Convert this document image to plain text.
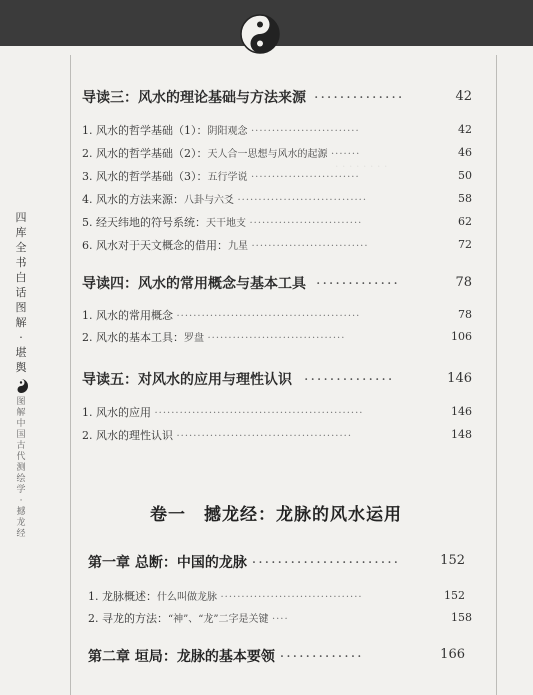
· · · · · · · ·
四
库
全
书
白
话
图
解
·
堪
舆
图
解
中
国
古
代
测
绘
学
·
撼
龙
经
导读三：风水的理论基础与方法来源 ··············	42
1. 风水的哲学基础（1）：阴阳观念 ··························	42
2. 风水的哲学基础（2）：天人合一思想与风水的起源 ·······	46
3. 风水的哲学基础（3）：五行学说 ··························	50
4. 风水的方法来源：八卦与六爻 ·······························	58
5. 经天纬地的符号系统：天干地支 ···························	62
6. 风水对于天文概念的借用：九星 ····························	72
导读四：风水的常用概念与基本工具 ·············	78
1. 风水的常用概念 ············································	78
2. 风水的基本工具：罗盘 ·································	106
导读五：对风水的应用与理性认识 ··············	146
1. 风水的应用 ··················································	146
2. 风水的理性认识 ··········································	148
卷一　撼龙经：龙脉的风水运用
第一章 总断：中国的龙脉 ·······················	152
1. 龙脉概述：什么叫做龙脉 ··································	152
2. 寻龙的方法：“神”、“龙”二字是关键 ····	158
第二章 垣局：龙脉的基本要领 ·············	166
